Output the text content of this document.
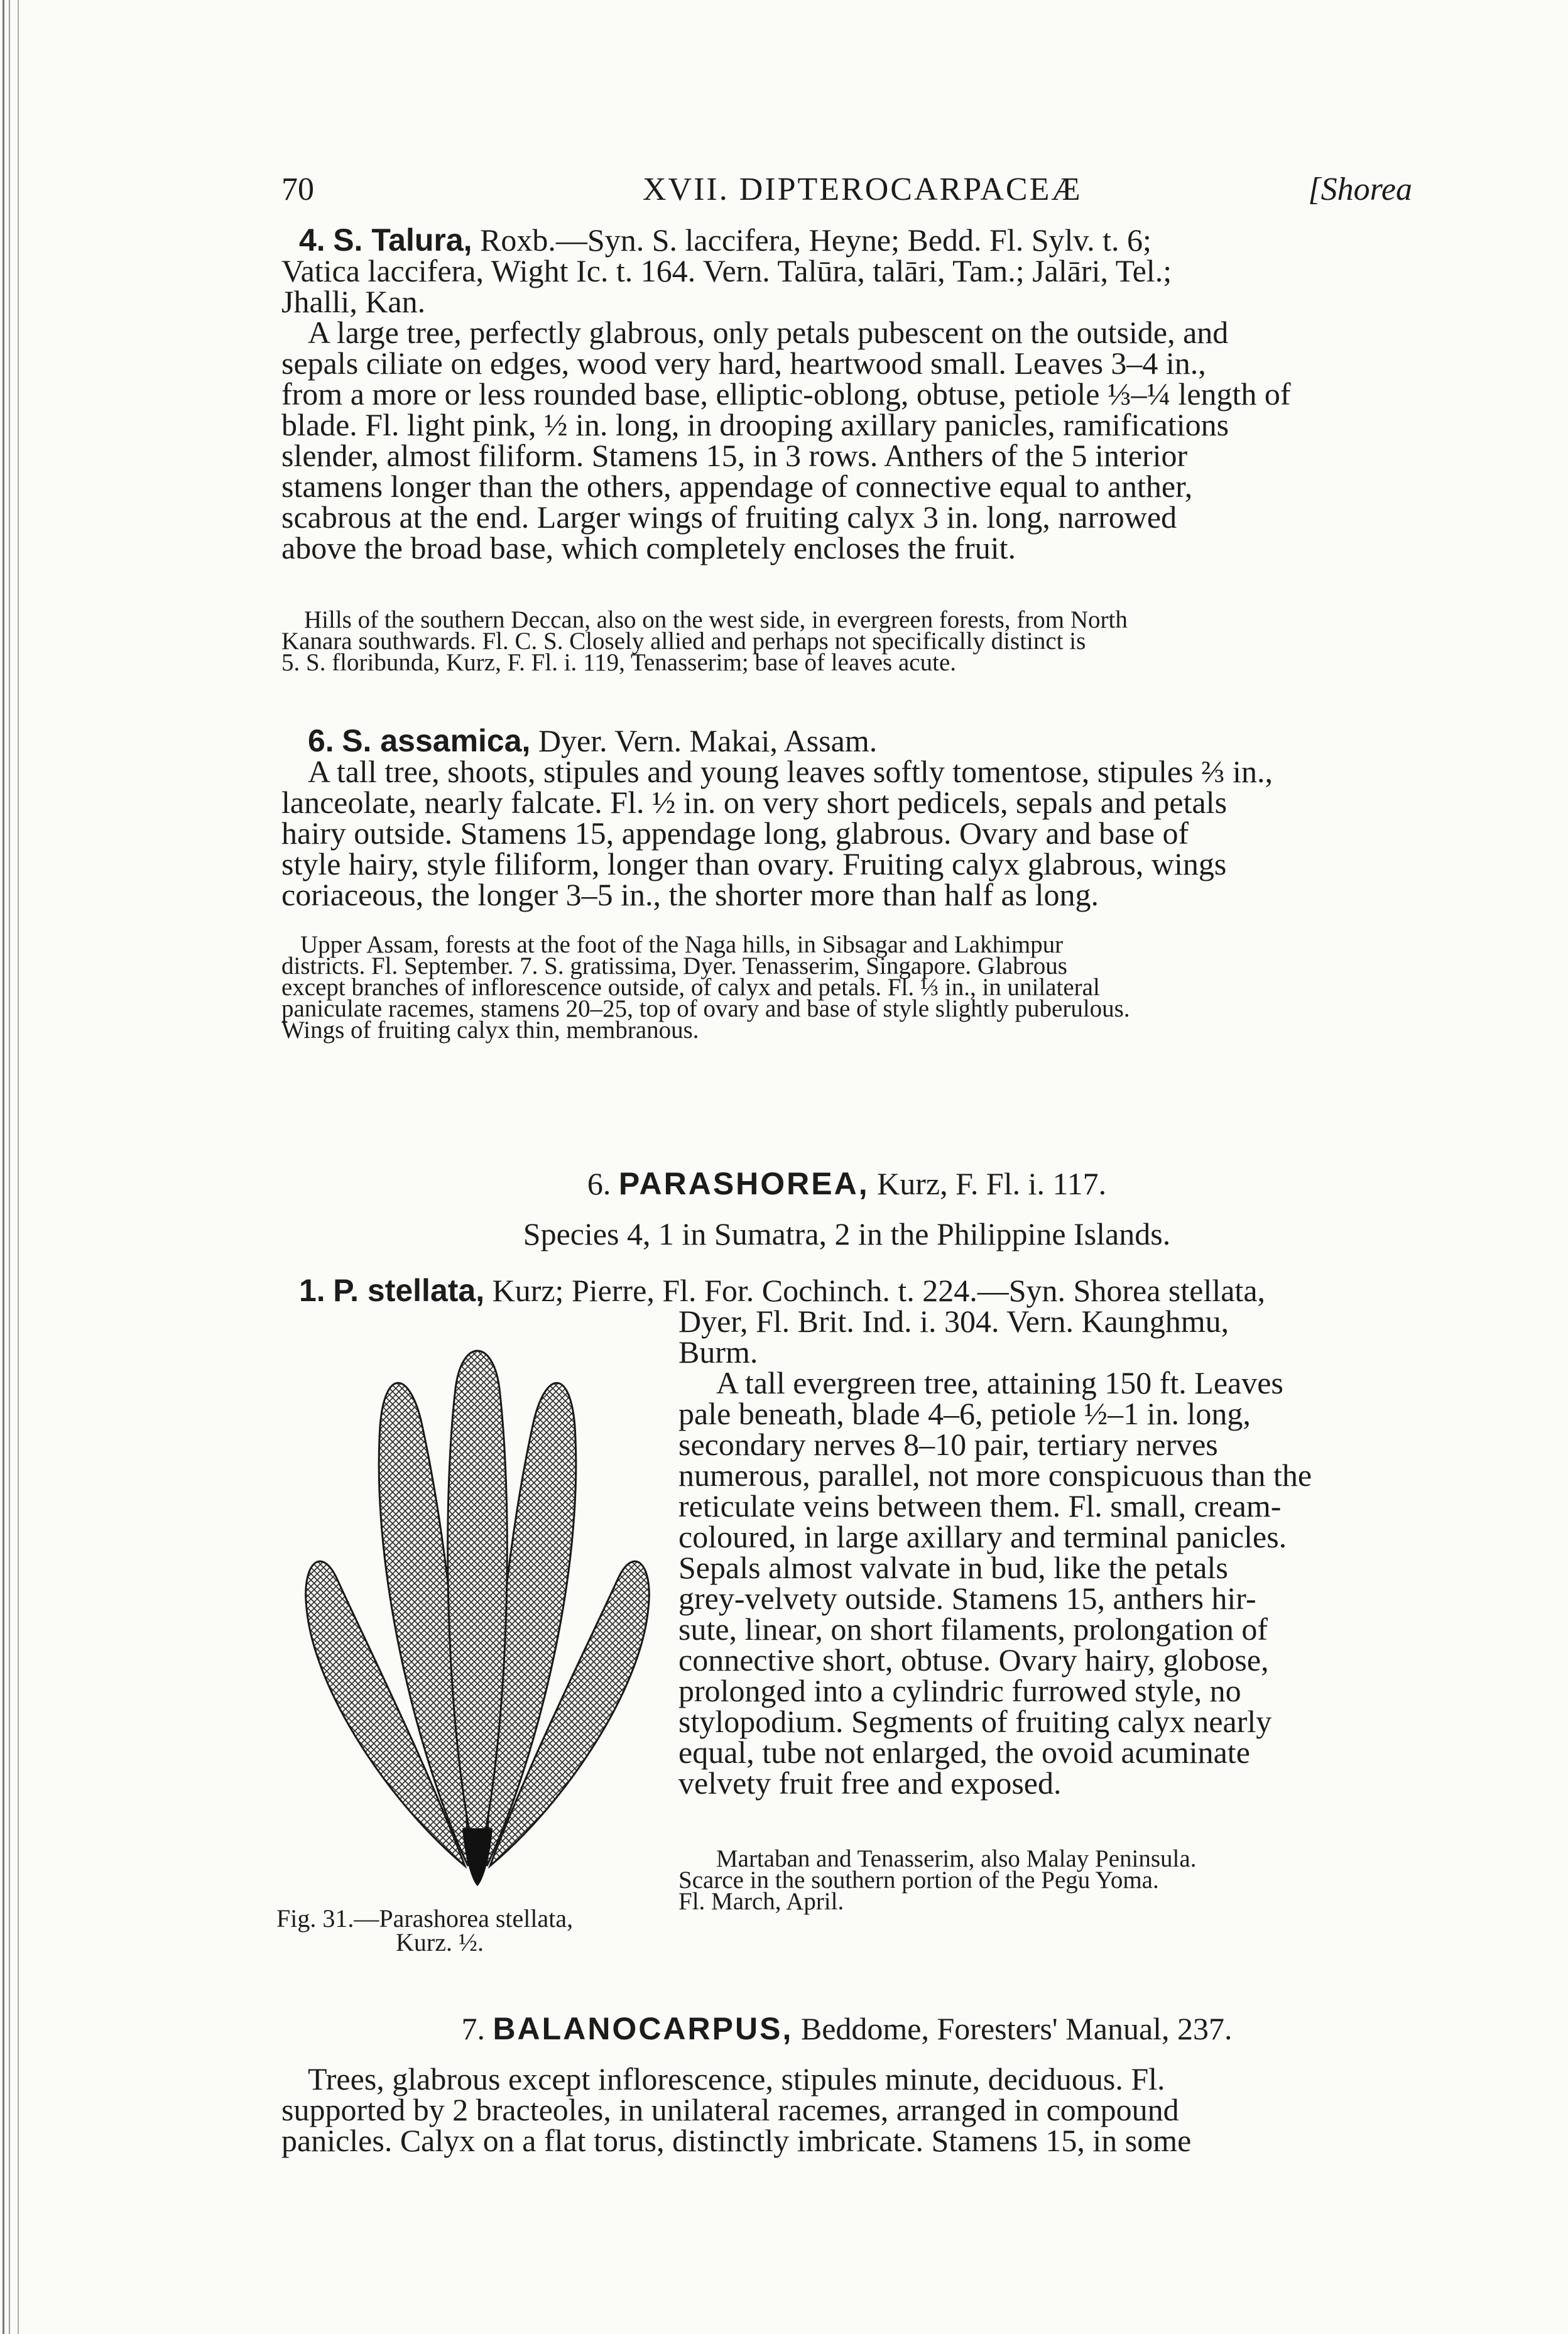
70	XVII. DIPTEROCARPACEÆ	[Shorea
4. S. Talura, Roxb.—Syn. S. laccifera, Heyne; Bedd. Fl. Sylv. t. 6;
Vatica laccifera, Wight Ic. t. 164. Vern. Talūra, talāri, Tam.; Jalāri, Tel.;
Jhalli, Kan.
A large tree, perfectly glabrous, only petals pubescent on the outside, and
sepals ciliate on edges, wood very hard, heartwood small. Leaves 3–4 in.,
from a more or less rounded base, elliptic-oblong, obtuse, petiole ⅓–¼ length of
blade. Fl. light pink, ½ in. long, in drooping axillary panicles, ramifications
slender, almost filiform. Stamens 15, in 3 rows. Anthers of the 5 interior
stamens longer than the others, appendage of connective equal to anther,
scabrous at the end. Larger wings of fruiting calyx 3 in. long, narrowed
above the broad base, which completely encloses the fruit.
Hills of the southern Deccan, also on the west side, in evergreen forests, from North
Kanara southwards. Fl. C. S. Closely allied and perhaps not specifically distinct is
5. S. floribunda, Kurz, F. Fl. i. 119, Tenasserim; base of leaves acute.
6. S. assamica, Dyer. Vern. Makai, Assam.
A tall tree, shoots, stipules and young leaves softly tomentose, stipules ⅔ in.,
lanceolate, nearly falcate. Fl. ½ in. on very short pedicels, sepals and petals
hairy outside. Stamens 15, appendage long, glabrous. Ovary and base of
style hairy, style filiform, longer than ovary. Fruiting calyx glabrous, wings
coriaceous, the longer 3–5 in., the shorter more than half as long.
Upper Assam, forests at the foot of the Naga hills, in Sibsagar and Lakhimpur
districts. Fl. September. 7. S. gratissima, Dyer. Tenasserim, Singapore. Glabrous
except branches of inflorescence outside, of calyx and petals. Fl. ⅓ in., in unilateral
paniculate racemes, stamens 20–25, top of ovary and base of style slightly puberulous.
Wings of fruiting calyx thin, membranous.
6. PARASHOREA, Kurz, F. Fl. i. 117.
Species 4, 1 in Sumatra, 2 in the Philippine Islands.
1. P. stellata, Kurz; Pierre, Fl. For. Cochinch. t. 224.—Syn. Shorea stellata,
Fig. 31.—Parashorea stellata,
Kurz. ½.
Dyer, Fl. Brit. Ind. i. 304. Vern. Kaunghmu,
Burm.
A tall evergreen tree, attaining 150 ft. Leaves
pale beneath, blade 4–6, petiole ½–1 in. long,
secondary nerves 8–10 pair, tertiary nerves
numerous, parallel, not more conspicuous than the
reticulate veins between them. Fl. small, cream-
coloured, in large axillary and terminal panicles.
Sepals almost valvate in bud, like the petals
grey-velvety outside. Stamens 15, anthers hir-
sute, linear, on short filaments, prolongation of
connective short, obtuse. Ovary hairy, globose,
prolonged into a cylindric furrowed style, no
stylopodium. Segments of fruiting calyx nearly
equal, tube not enlarged, the ovoid acuminate
velvety fruit free and exposed.
Martaban and Tenasserim, also Malay Peninsula.
Scarce in the southern portion of the Pegu Yoma.
Fl. March, April.
7. BALANOCARPUS, Beddome, Foresters' Manual, 237.
Trees, glabrous except inflorescence, stipules minute, deciduous. Fl.
supported by 2 bracteoles, in unilateral racemes, arranged in compound
panicles. Calyx on a flat torus, distinctly imbricate. Stamens 15, in some
